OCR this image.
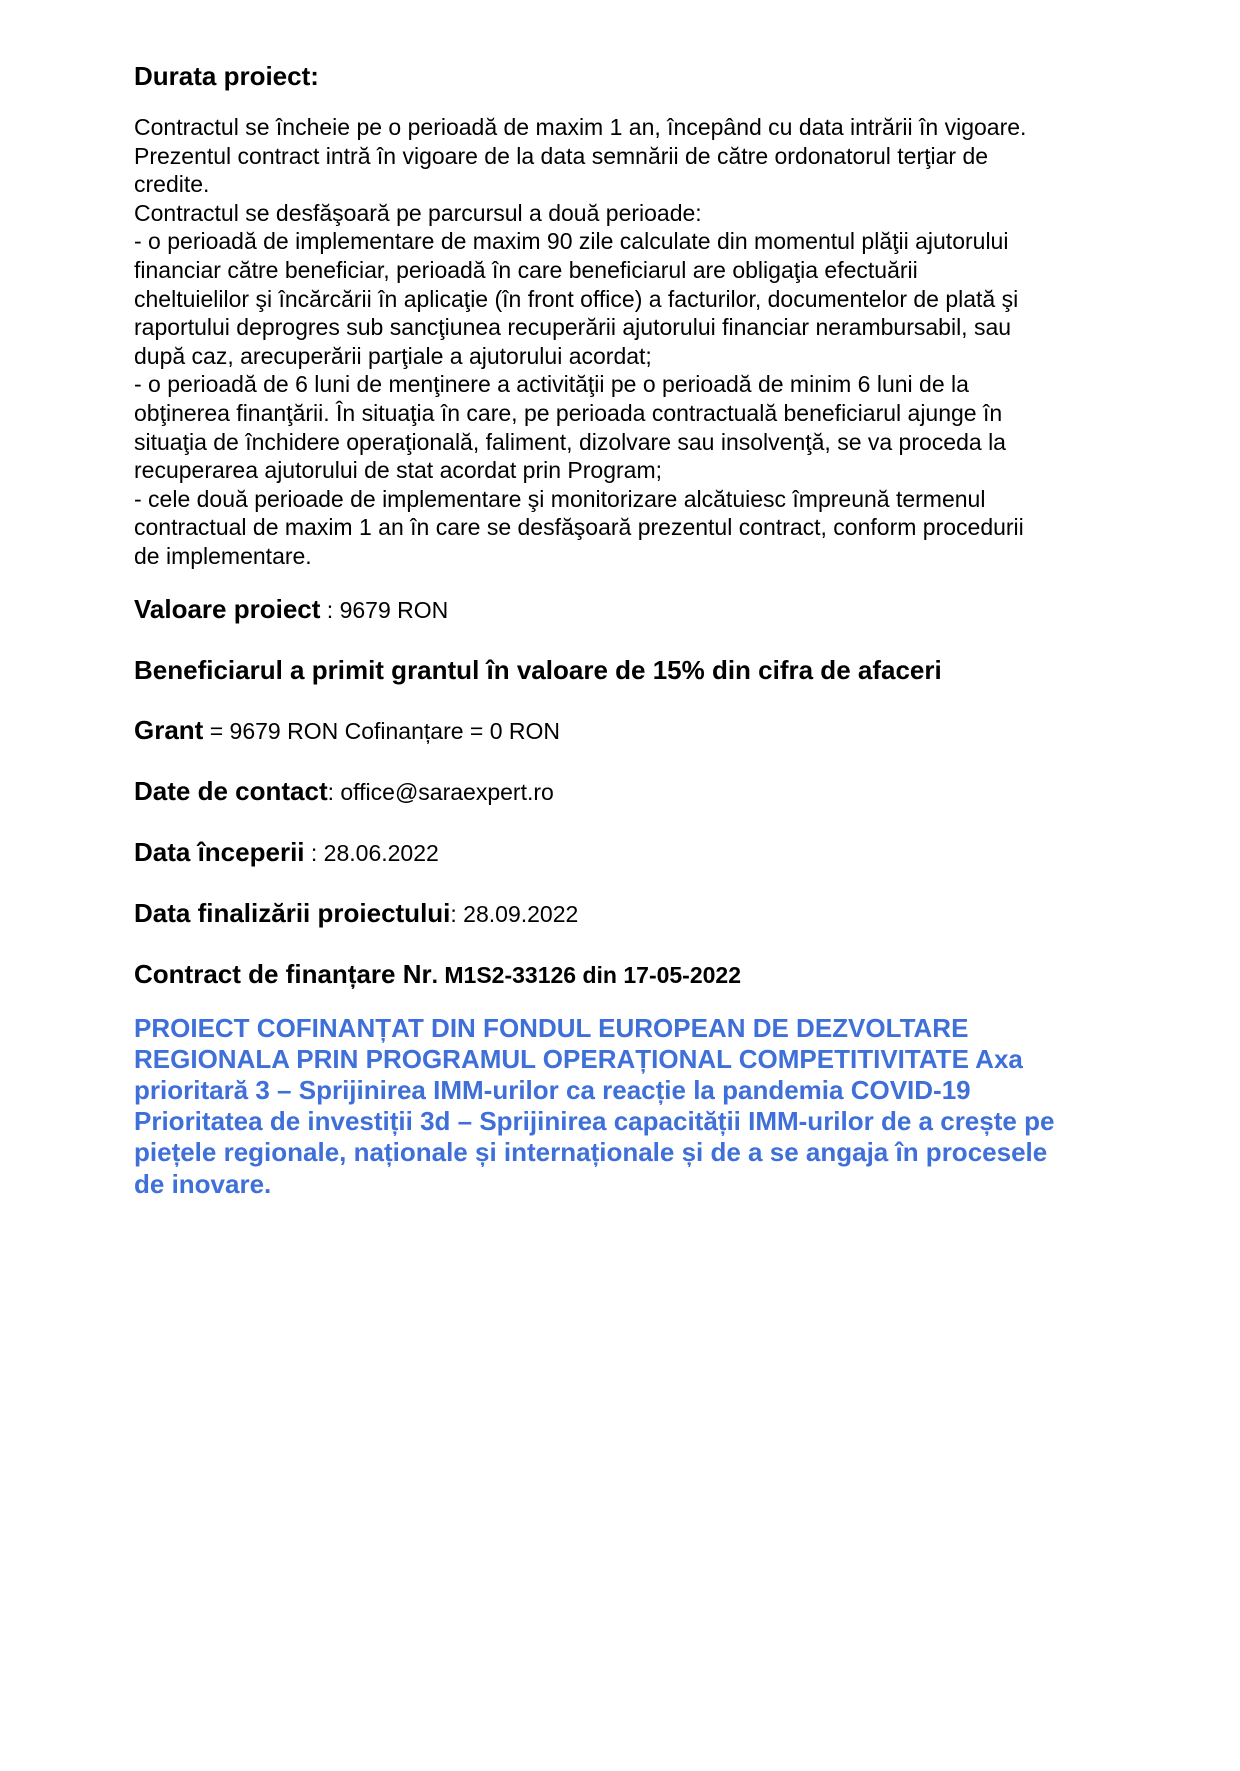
Durata proiect:

Contractul se încheie pe o perioadă de maxim 1 an, începând cu data intrării în vigoare.
Prezentul contract intră în vigoare de la data semnării de către ordonatorul terţiar de
credite.
Contractul se desfăşoară pe parcursul a două perioade:
- o perioadă de implementare de maxim 90 zile calculate din momentul plăţii ajutorului
financiar către beneficiar, perioadă în care beneficiarul are obligaţia efectuării
cheltuielilor şi încărcării în aplicaţie (în front office) a facturilor, documentelor de plată şi
raportului deprogres sub sancţiunea recuperării ajutorului financiar nerambursabil, sau
după caz, arecuperării parţiale a ajutorului acordat;
- o perioadă de 6 luni de menţinere a activităţii pe o perioadă de minim 6 luni de la
obţinerea finanţării. În situaţia în care, pe perioada contractuală beneficiarul ajunge în
situaţia de închidere operaţională, faliment, dizolvare sau insolvenţă, se va proceda la
recuperarea ajutorului de stat acordat prin Program;
- cele două perioade de implementare şi monitorizare alcătuiesc împreună termenul
contractual de maxim 1 an în care se desfăşoară prezentul contract, conform procedurii
de implementare.

Valoare proiect : 9679 RON

Beneficiarul a primit grantul în valoare de 15% din cifra de afaceri

Grant = 9679 RON Cofinanțare = 0 RON

Date de contact: office@saraexpert.ro

Data începerii : 28.06.2022

Data finalizării proiectului: 28.09.2022

Contract de finanțare Nr. M1S2-33126 din 17-05-2022

PROIECT COFINANȚAT DIN FONDUL EUROPEAN DE DEZVOLTARE
REGIONALA PRIN PROGRAMUL OPERAȚIONAL COMPETITIVITATE Axa
prioritară 3 – Sprijinirea IMM-urilor ca reacție la pandemia COVID-19
Prioritatea de investiții 3d – Sprijinirea capacității IMM-urilor de a crește pe
piețele regionale, naționale și internaționale și de a se angaja în procesele
de inovare.
